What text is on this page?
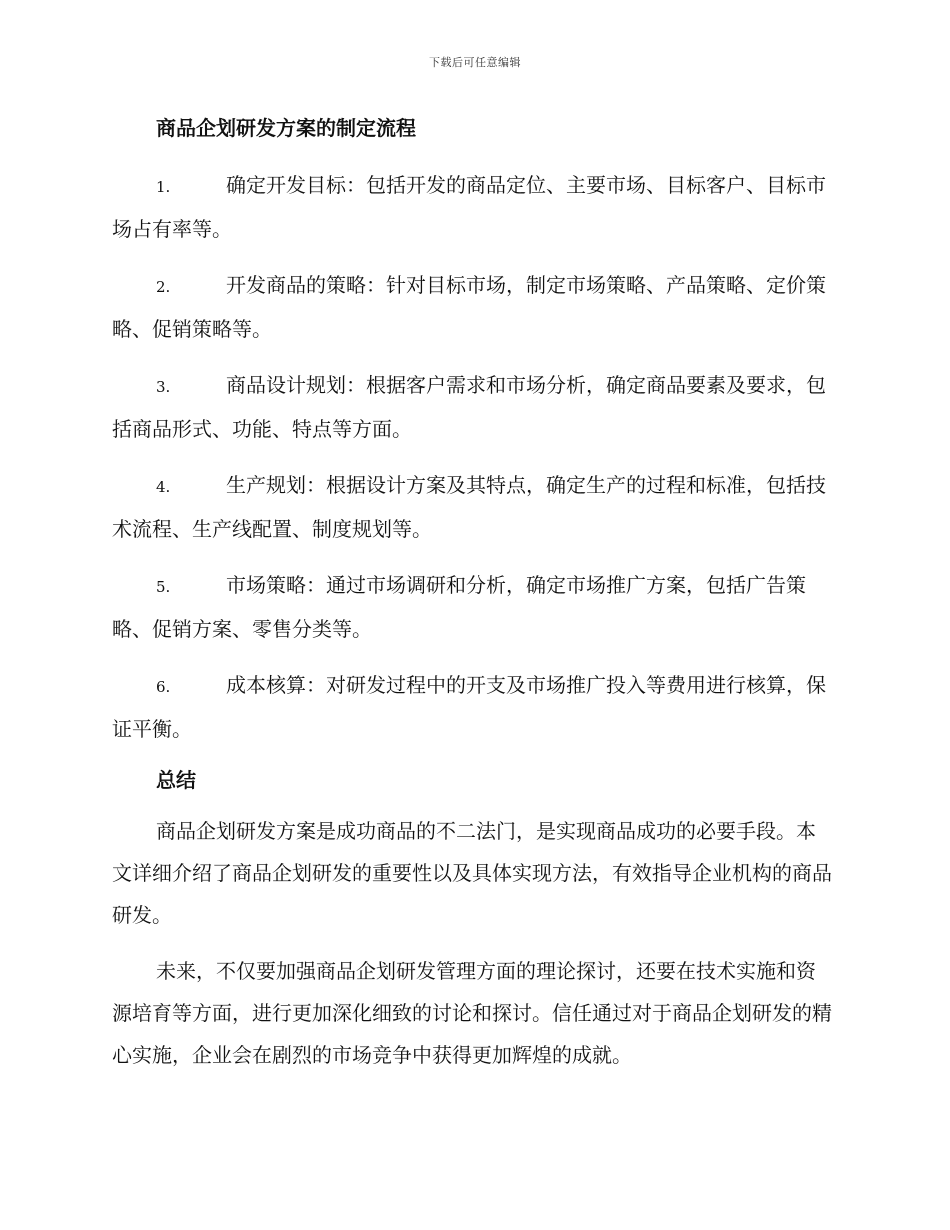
下载后可任意编辑
商品企划研发方案的制定流程
1.	确定开发目标：包括开发的商品定位、主要市场、目标客户、目标市场占有率等。
2.	开发商品的策略：针对目标市场，制定市场策略、产品策略、定价策略、促销策略等。
3.	商品设计规划：根据客户需求和市场分析，确定商品要素及要求，包括商品形式、功能、特点等方面。
4.	生产规划：根据设计方案及其特点，确定生产的过程和标准，包括技术流程、生产线配置、制度规划等。
5.	市场策略：通过市场调研和分析，确定市场推广方案，包括广告策略、促销方案、零售分类等。
6.	成本核算：对研发过程中的开支及市场推广投入等费用进行核算，保证平衡。
总结
商品企划研发方案是成功商品的不二法门，是实现商品成功的必要手段。本文详细介绍了商品企划研发的重要性以及具体实现方法，有效指导企业机构的商品研发。
未来，不仅要加强商品企划研发管理方面的理论探讨，还要在技术实施和资源培育等方面，进行更加深化细致的讨论和探讨。信任通过对于商品企划研发的精心实施，企业会在剧烈的市场竞争中获得更加辉煌的成就。
